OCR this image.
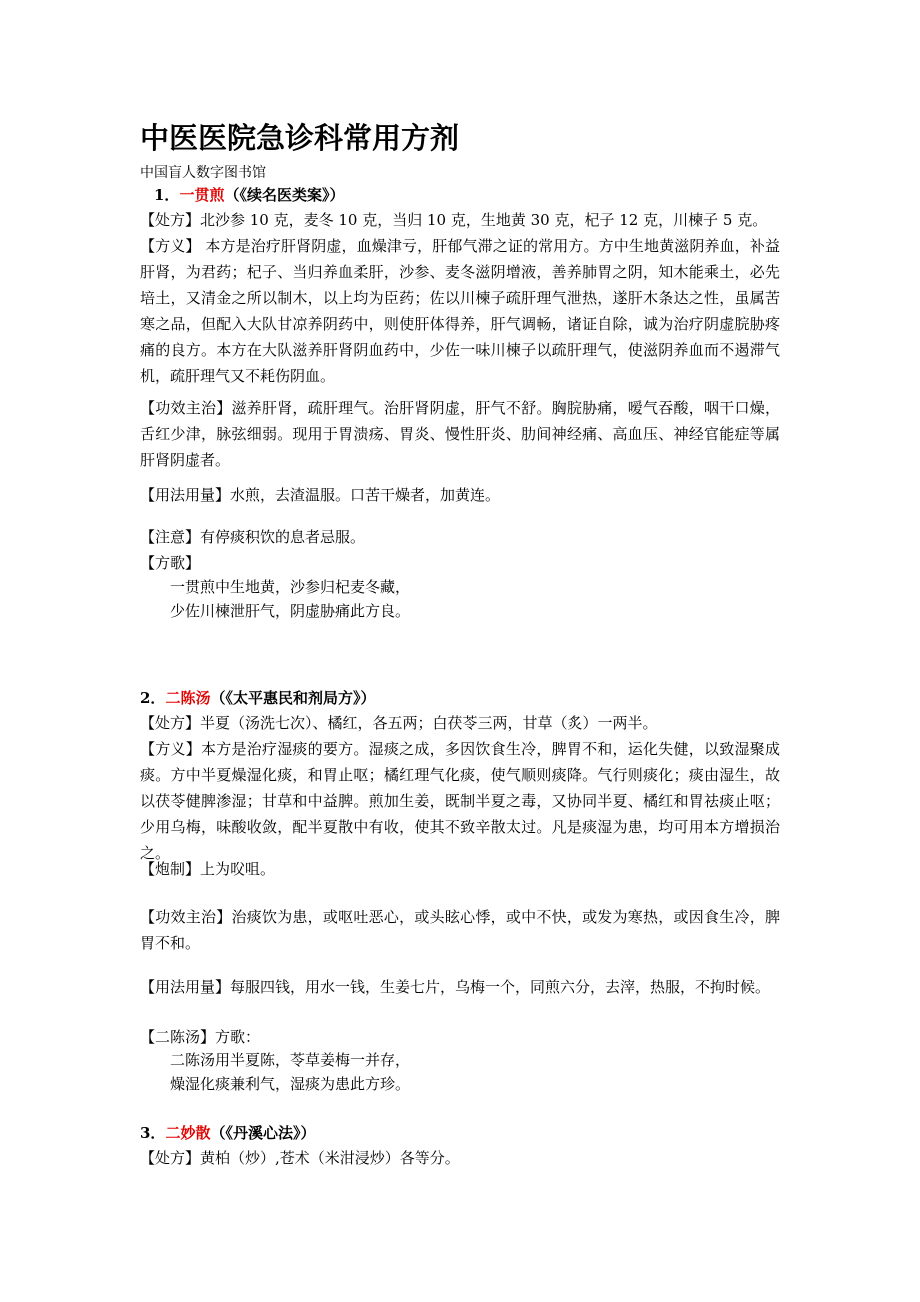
中医医院急诊科常用方剂
中国盲人数字图书馆
1．一贯煎（《续名医类案》）
【处方】北沙参 10 克，麦冬 10 克，当归 10 克，生地黄 30 克，杞子 12 克，川楝子 5 克。
【方义】 本方是治疗肝肾阴虚，血燥津亏，肝郁气滞之证的常用方。方中生地黄滋阴养血，补益肝肾，为君药；杞子、当归养血柔肝，沙参、麦冬滋阴增液，善养肺胃之阴，知木能乘土，必先培土，又清金之所以制木，以上均为臣药；佐以川楝子疏肝理气泄热，遂肝木条达之性，虽属苦寒之品，但配入大队甘凉养阴药中，则使肝体得养，肝气调畅，诸证自除，诚为治疗阴虚脘胁疼痛的良方。本方在大队滋养肝肾阴血药中，少佐一味川楝子以疏肝理气，使滋阴养血而不遏滞气机，疏肝理气又不耗伤阴血。
【功效主治】滋养肝肾，疏肝理气。治肝肾阴虚，肝气不舒。胸脘胁痛，嗳气吞酸，咽干口燥，舌红少津，脉弦细弱。现用于胃溃疡、胃炎、慢性肝炎、肋间神经痛、高血压、神经官能症等属肝肾阴虚者。
【用法用量】水煎，去渣温服。口苦干燥者，加黄连。
【注意】有停痰积饮的息者忌服。
【方歌】
一贯煎中生地黄，沙参归杞麦冬藏，
少佐川楝泄肝气，阴虚胁痛此方良。
2．二陈汤（《太平惠民和剂局方》）
【处方】半夏（汤洗七次）、橘红，各五两；白茯苓三两，甘草（炙）一两半。
【方义】本方是治疗湿痰的要方。湿痰之成，多因饮食生冷，脾胃不和，运化失健，以致湿聚成痰。方中半夏燥湿化痰，和胃止呕；橘红理气化痰，使气顺则痰降。气行则痰化；痰由湿生，故以茯苓健脾渗湿；甘草和中益脾。煎加生姜，既制半夏之毒，又协同半夏、橘红和胃祛痰止呕；少用乌梅，味酸收敛，配半夏散中有收，使其不致辛散太过。凡是痰湿为患，均可用本方增损治之。
【炮制】上为㕮咀。
【功效主治】治痰饮为患，或呕吐恶心，或头眩心悸，或中不快，或发为寒热，或因食生冷，脾胃不和。
【用法用量】每服四钱，用水一钱，生姜七片，乌梅一个，同煎六分，去滓，热服，不拘时候。
【二陈汤】方歌：
二陈汤用半夏陈，苓草姜梅一并存，
燥湿化痰兼利气，湿痰为患此方珍。
3．二妙散（《丹溪心法》）
【处方】黄柏（炒）,苍术（米泔浸炒）各等分。
